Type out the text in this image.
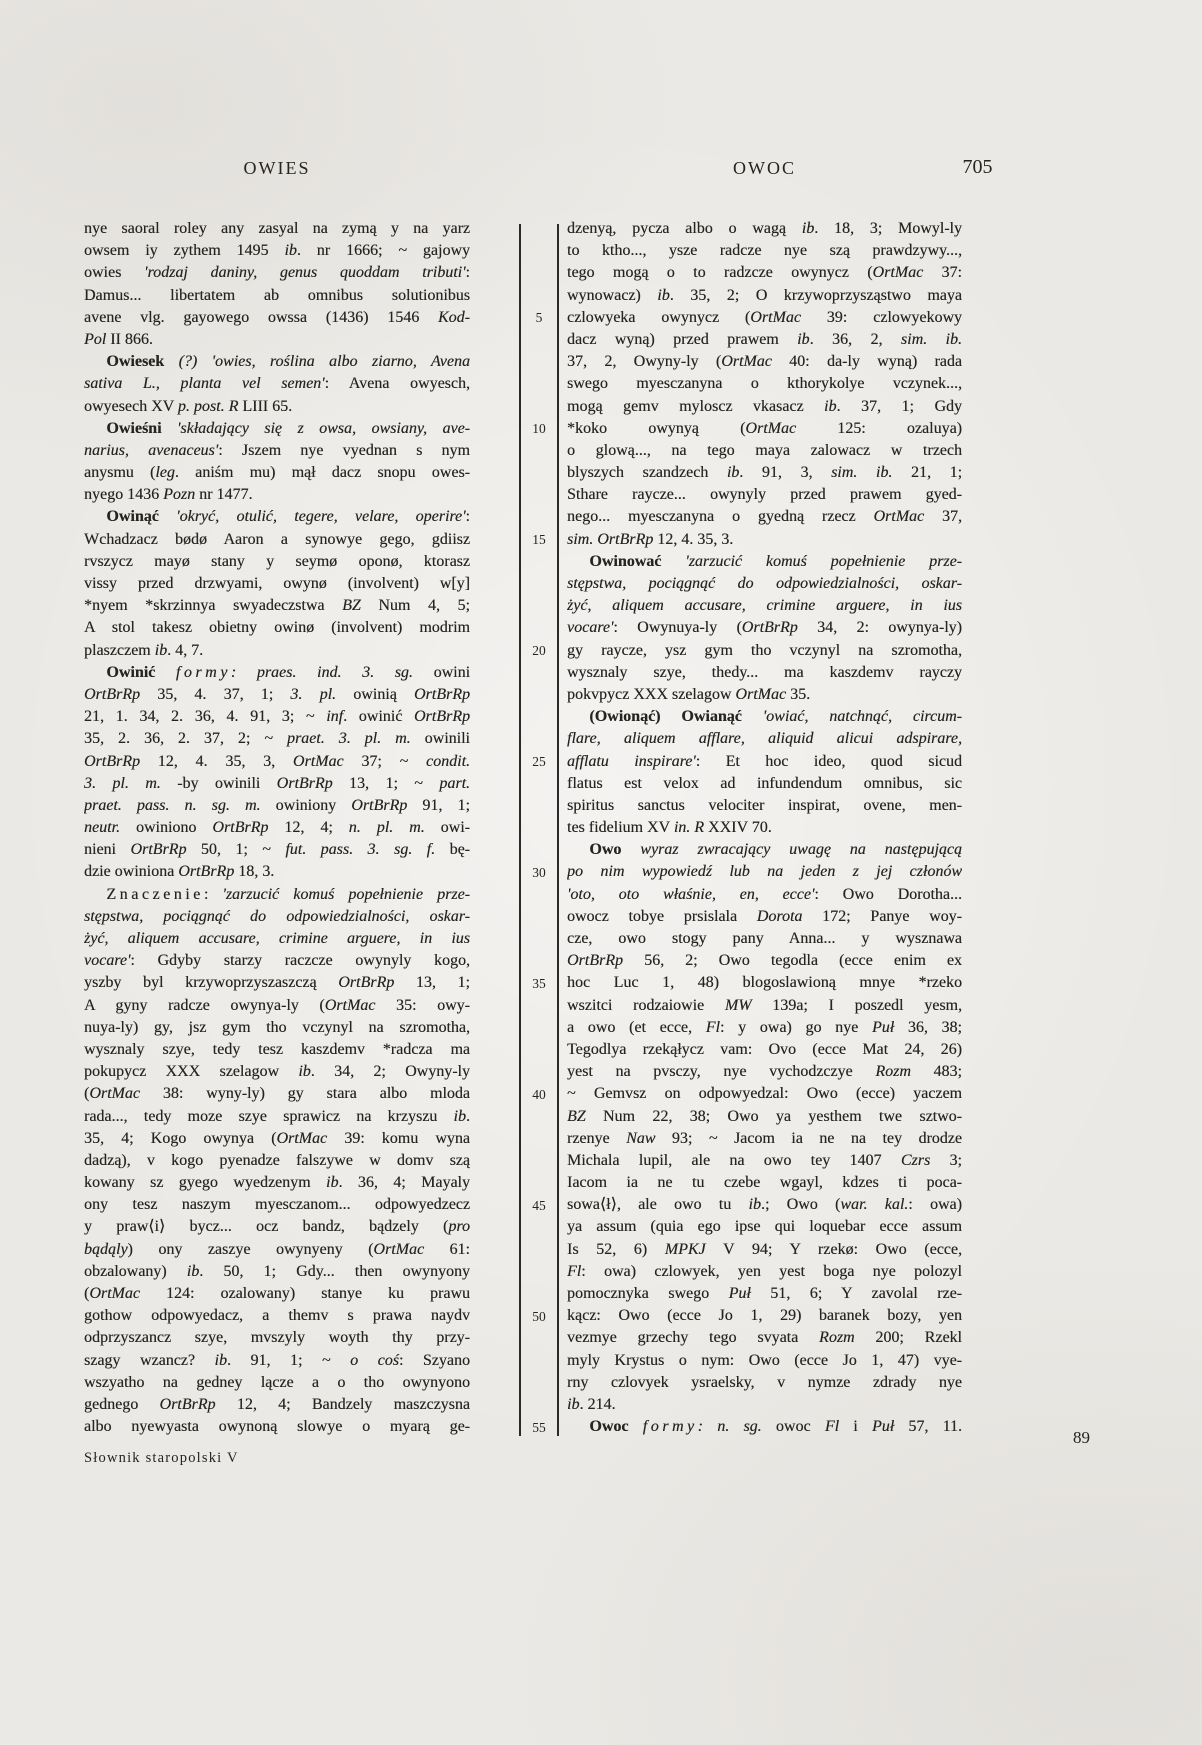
OWIES	OWOC	705
5
10
15
20
25
30
35
40
45
50
55
nye saoral roley any zasyal na zymą y na yarz
owsem iy zythem 1495 ib. nr 1666; ~ gajowy
owies 'rodzaj daniny, genus quoddam tributi':
Damus... libertatem ab omnibus solutionibus
avene vlg. gayowego owssa (1436) 1546 Kod-
Pol II 866.
Owiesek (?) 'owies, roślina albo ziarno, Avena
sativa L., planta vel semen': Avena owyesch,
owyesech XV p. post. R LIII 65.
Owieśni 'składający się z owsa, owsiany, ave-
narius, avenaceus': Jszem nye vyednan s nym
anysmu (leg. aniśm mu) mął dacz snopu owes-
nyego 1436 Pozn nr 1477.
Owinąć 'okryć, otulić, tegere, velare, operire':
Wchadzacz bødø Aaron a synowye gego, gdiisz
rvszycz mayø stany y seymø oponø, ktorasz
vissy przed drzwyami, owynø (involvent) w[y]
*nyem *skrzinnya swyadeczstwa BZ Num 4, 5;
A stol takesz obietny owinø (involvent) modrim
plaszczem ib. 4, 7.
Owinić formy: praes. ind. 3. sg. owini
OrtBrRp 35, 4. 37, 1; 3. pl. owinią OrtBrRp
21, 1. 34, 2. 36, 4. 91, 3; ~ inf. owinić OrtBrRp
35, 2. 36, 2. 37, 2; ~ praet. 3. pl. m. owinili
OrtBrRp 12, 4. 35, 3, OrtMac 37; ~ condit.
3. pl. m. -by owinili OrtBrRp 13, 1; ~ part.
praet. pass. n. sg. m. owiniony OrtBrRp 91, 1;
neutr. owiniono OrtBrRp 12, 4; n. pl. m. owi-
nieni OrtBrRp 50, 1; ~ fut. pass. 3. sg. f. bę-
dzie owiniona OrtBrRp 18, 3.
Znaczenie: 'zarzucić komuś popełnienie prze-
stępstwa, pociągnąć do odpowiedzialności, oskar-
żyć, aliquem accusare, crimine arguere, in ius
vocare': Gdyby starzy raczcze owynyly kogo,
yszby byl krzywoprzyszaszczą OrtBrRp 13, 1;
A gyny radcze owynya-ly (OrtMac 35: owy-
nuya-ly) gy, jsz gym tho vczynyl na szromotha,
wysznaly szye, tedy tesz kaszdemv *radcza ma
pokupycz XXX szelagow ib. 34, 2; Owyny-ly
(OrtMac 38: wyny-ly) gy stara albo mloda
rada..., tedy moze szye sprawicz na krzyszu ib.
35, 4; Kogo owynya (OrtMac 39: komu wyna
dadzą), v kogo pyenadze falszywe w domv szą
kowany sz gyego wyedzenym ib. 36, 4; Mayaly
ony tesz naszym myesczanom... odpowyedzecz
y praw⟨i⟩ bycz... ocz bandz, bądzely (pro
bądąly) ony zaszye owynyeny (OrtMac 61:
obzalowany) ib. 50, 1; Gdy... then owynyony
(OrtMac 124: ozalowany) stanye ku prawu
gothow odpowyedacz, a themv s prawa naydv
odprzyszancz szye, mvszyly woyth thy przy-
szagy wzancz? ib. 91, 1; ~ o coś: Szyano
wszyatho na gedney lącze a o tho owynyono
gednego OrtBrRp 12, 4; Bandzely maszczysna
albo nyewyasta owynoną slowye o myarą ge-
dzenyą, pycza albo o wagą ib. 18, 3; Mowyl-ly
to ktho..., ysze radcze nye szą prawdzywy...,
tego mogą o to radzcze owynycz (OrtMac 37:
wynowacz) ib. 35, 2; O krzywoprzysząstwo maya
czlowyeka owynycz (OrtMac 39: czlowyekowy
dacz wyną) przed prawem ib. 36, 2, sim. ib.
37, 2, Owyny-ly (OrtMac 40: da-ly wyną) rada
swego myesczanyna o kthorykolye vczynek...,
mogą gemv myloscz vkasacz ib. 37, 1; Gdy
*koko owynyą (OrtMac 125: ozaluya)
o glową..., na tego maya zalowacz w trzech
blyszych szandzech ib. 91, 3, sim. ib. 21, 1;
Sthare raycze... owynyly przed prawem gyed-
nego... myesczanyna o gyedną rzecz OrtMac 37,
sim. OrtBrRp 12, 4. 35, 3.
Owinować 'zarzucić komuś popełnienie prze-
stępstwa, pociągnąć do odpowiedzialności, oskar-
żyć, aliquem accusare, crimine arguere, in ius
vocare': Owynuya-ly (OrtBrRp 34, 2: owynya-ly)
gy raycze, ysz gym tho vczynyl na szromotha,
wysznaly szye, thedy... ma kaszdemv rayczy
pokvpycz XXX szelagow OrtMac 35.
(Owionąć) Owianąć 'owiać, natchnąć, circum-
flare, aliquem afflare, aliquid alicui adspirare,
afflatu inspirare': Et hoc ideo, quod sicud
flatus est velox ad infundendum omnibus, sic
spiritus sanctus velociter inspirat, ovene, men-
tes fidelium XV in. R XXIV 70.
Owo wyraz zwracający uwagę na następującą
po nim wypowiedź lub na jeden z jej członów
'oto, oto właśnie, en, ecce': Owo Dorotha...
owocz tobye prsislala Dorota 172; Panye woy-
cze, owo stogy pany Anna... y wysznawa
OrtBrRp 56, 2; Owo tegodla (ecce enim ex
hoc Luc 1, 48) blogoslawioną mnye *rzeko
wszitci rodzaiowie MW 139a; I poszedl yesm,
a owo (et ecce, Fl: y owa) go nye Puł 36, 38;
Tegodlya rzekąłycz vam: Ovo (ecce Mat 24, 26)
yest na pvsczy, nye vychodzczye Rozm 483;
~ Gemvsz on odpowyedzal: Owo (ecce) yaczem
BZ Num 22, 38; Owo ya yesthem twe sztwo-
rzenye Naw 93; ~ Jacom ia ne na tey drodze
Michala lupil, ale na owo tey 1407 Czrs 3;
Iacom ia ne tu czebe wgayl, kdzes ti poca-
sowa⟨ł⟩, ale owo tu ib.; Owo (war. kal.: owa)
ya assum (quia ego ipse qui loquebar ecce assum
Is 52, 6) MPKJ V 94; Y rzekø: Owo (ecce,
Fl: owa) czlowyek, yen yest boga nye polozyl
pomocznyka swego Puł 51, 6; Y zavolal rze-
kącz: Owo (ecce Jo 1, 29) baranek bozy, yen
vezmye grzechy tego svyata Rozm 200; Rzekl
myly Krystus o nym: Owo (ecce Jo 1, 47) vye-
rny czlovyek ysraelsky, v nymze zdrady nye
ib. 214.
Owoc formy: n. sg. owoc Fl i Puł 57, 11.
Słownik staropolski V
89
